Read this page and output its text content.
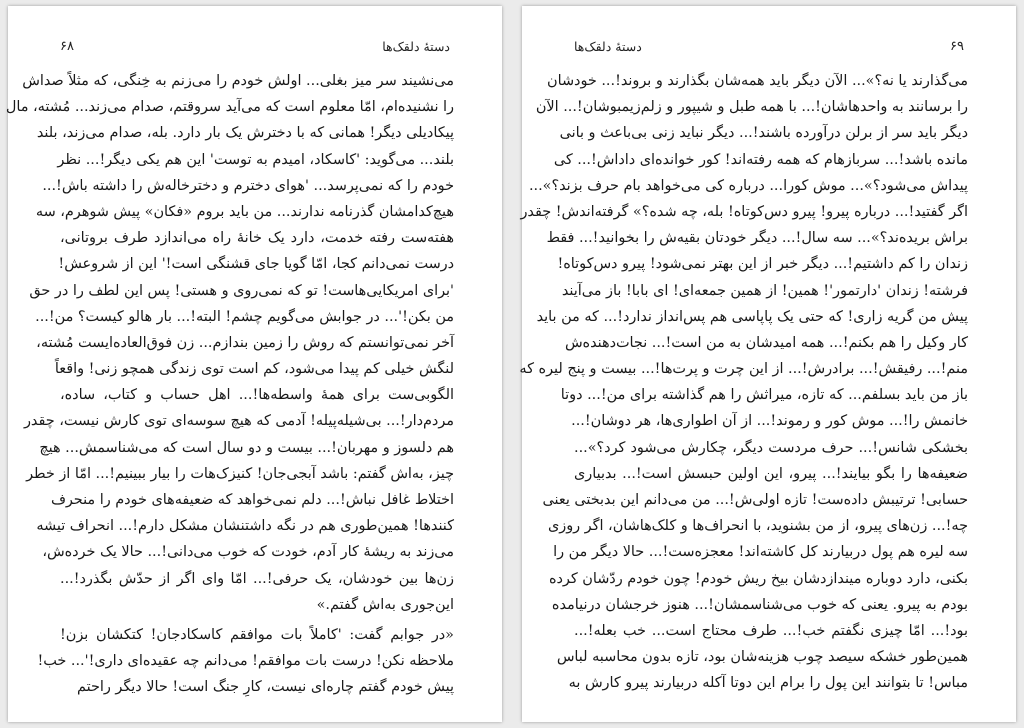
۶۸	دستهٔ دلقک‌ها
می‌نشیند سر میز بغلی... اولش خودم را می‌زنم به خِنگی، که مثلاً صداش
را نشنیده‌ام، امّا معلوم است که می‌آید سروقتم، صدام می‌زند... مُشته، مال
پیکادیلی دیگر! همانی که با دخترش یک بار دارد. بله، صدام می‌زند، بلند
بلند... می‌گوید: 'کاسکاد، امیدم به توست' این هم یکی دیگر!... نظر
خودم را که نمی‌پرسد... 'هوای دخترم و دخترخاله‌ش را داشته باش!...
هیچ‌کدامشان گذرنامه ندارند... من باید بروم «فکان» پیش شوهرم، سه
هفته‌ست رفته خدمت، دارد یک خانهٔ راه می‌اندازد طرف بروتانی،
درست نمی‌دانم کجا، امّا گویا جای قشنگی است!' این از شروعش!
'برای امریکایی‌هاست! تو که نمی‌روی و هستی! پس این لطف را در حق
من بکن!'... در جوابش می‌گویم چشم! البته!... بار هالو کیست؟ من!...
آخر نمی‌توانستم که روش را زمین بندازم... زن فوق‌العاده‌ایست مُشته،
لنگش خیلی کم پیدا می‌شود، کم است توی زندگی همچو زنی! واقعاً
الگوبی‌ست برای همهٔ واسطه‌ها!... اهل حساب و کتاب، ساده،
مردم‌دار!... بی‌شیله‌پیله! آدمی که هیچ سوسه‌ای توی کارش نیست، چقدر
هم دلسوز و مهربان!... بیست و دو سال است که می‌شناسمش... هیچ
چیز، به‌اش گفتم: باشد آبجی‌جان! کنیزک‌هات را بیار ببینیم!... امّا از خطر
اختلاط غافل نباش!... دلم نمی‌خواهد که ضعیفه‌های خودم را منحرف
کنندها! همین‌طوری هم در نگه داشتنشان مشکل دارم!... انحراف تیشه
می‌زند به ریشهٔ کار آدم، خودت که خوب می‌دانی!... حالا یک خرده‌ش،
زن‌ها بین خودشان، یک حرفی!... امّا وای اگر از حدّش بگذرد!...
این‌جوری به‌اش گفتم.»
«در جوابم گفت: 'کاملاً بات موافقم کاسکادجان! کتکشان بزن!
ملاحظه نکن! درست بات موافقم! می‌دانم چه عقیده‌ای داری!'... خب!
پیش خودم گفتم چاره‌ای نیست، کارِ جنگ است! حالا دیگر راحتم
دستهٔ دلقک‌ها	۶۹
می‌گذارند یا نه؟»... الآن دیگر باید همه‌شان بگذارند و بروند!... خودشان
را برسانند به واحدهاشان!... با همه طبل و شیپور و زلم‌زیمبوشان!... الآن
دیگر باید سر از برلن درآورده باشند!... دیگر نباید زنی بی‌باعث و بانی
مانده باشد!... سربازهام که همه رفته‌اند! کور خوانده‌ای داداش!... کی
پیداش می‌شود؟»... موش کورا... درباره کی می‌خواهد بام حرف بزند؟»...
اگر گفتید!... درباره پیرو! پیرو دس‌کوتاه! بله، چه شده؟» گرفته‌اندش! چقدر
براش بریده‌ند؟»... سه سال!... دیگر خودتان بقیه‌ش را بخوانید!... فقط
زندان را کم داشتیم!... دیگر خبر از این بهتر نمی‌شود! پیرو دس‌کوتاه!
فرشته! زندان 'دارتمور'! همین! از همین جمعه‌ای! ای بابا! باز می‌آیند
پیش من گریه زاری! که حتی یک پاپاسی هم پس‌انداز ندارد!... که من باید
کار وکیل را هم بکنم!... همه امیدشان به من است!... نجات‌دهنده‌ش
منم!... رفیقش!... برادرش!... از این چرت و پرت‌ها!... بیست و پنج لیره که
باز من باید بسلفم... که تازه، میراثش را هم گذاشته برای من!... دوتا
خانمش را!... موش کور و رموند!... از آن اطواری‌ها، هر دوشان!...
بخشکی شانس!... حرف مردست دیگر، چکارش می‌شود کرد؟»...
ضعیفه‌ها را بگو بیایند!... پیرو، این اولین حبسش است!... بدبیاری
حسابی! ترتیبش داده‌ست! تازه اولی‌ش!... من می‌دانم این بدبختی یعنی
چه!... زن‌های پیرو، از من بشنوید، با انحراف‌ها و کلک‌هاشان، اگر روزی
سه لیره هم پول دربیارند کل کاشته‌اند! معجزه‌ست!... حالا دیگر من را
بکنی، دارد دوباره میندازدشان بیخ ریش خودم! چون خودم ردّشان کرده
بودم به پیرو. یعنی که خوب می‌شناسمشان!... هنوز خرجشان درنیامده
بود!... امّا چیزی نگفتم خب!... طرف محتاج است... خب بعله!...
همین‌طور خشکه سیصد چوب هزینه‌شان بود، تازه بدون محاسبه لباس
مباس! تا بتوانند این پول را برام این دوتا آکله دربیارند پیرو کارش به
